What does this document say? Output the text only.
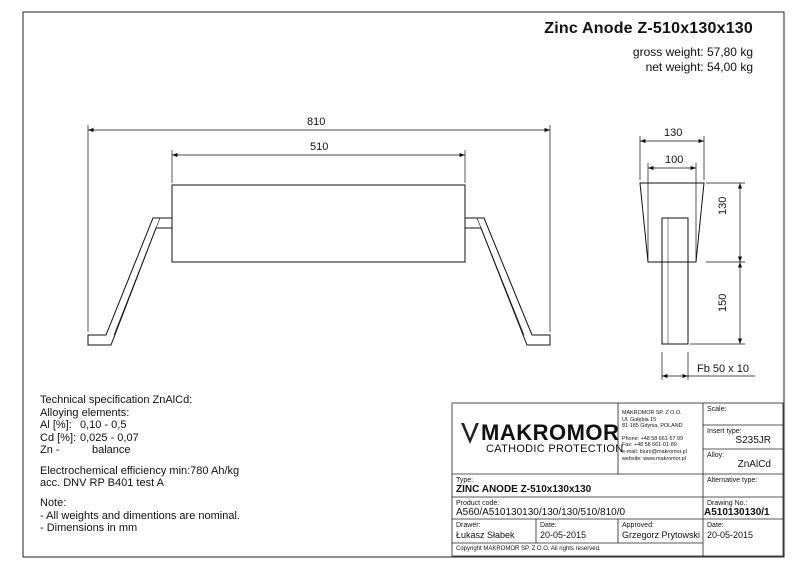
Zinc Anode Z-510x130x130
gross weight: 57,80 kg
net weight: 54,00 kg
810
510
130
100
130
150
Fb 50 x 10
Technical specification ZnAlCd:
Alloying elements:
Al [%]: 0,10 - 0,5
Cd [%]: 0,025 - 0,07
Zn -	balance
Electrochemical efficiency min:780 Ah/kg
acc. DNV RP B401 test A
Note:
- All weights and dimentions are nominal.
- Dimensions in mm
MAKROMOR
CATHODIC PROTECTION
MAKROMOR SP. Z O.O.
Ul. Gołębia 15
81-185 Gdynia, POLAND
Phone: +48 58 661-57 99
Fax: +48 58 661-01-89
e-mail: biuro@makromor.pl
website: www.makromor.pl
Scale:
Insert type:
S235JR
Alloy:
ZnAlCd
Type:
ZINC ANODE Z-510x130x130
Alternative type:
Product code:
A560/A510130130/130/130/510/810/0
Drawing No.:
A510130130/1
Drawer:
Łukasz Słabek
Date:
20-05-2015
Approved:
Grzegorz Prytowski
Date:
20-05-2015
Copyright MAKROMOR SP. Z O.O. All rights reserved.
